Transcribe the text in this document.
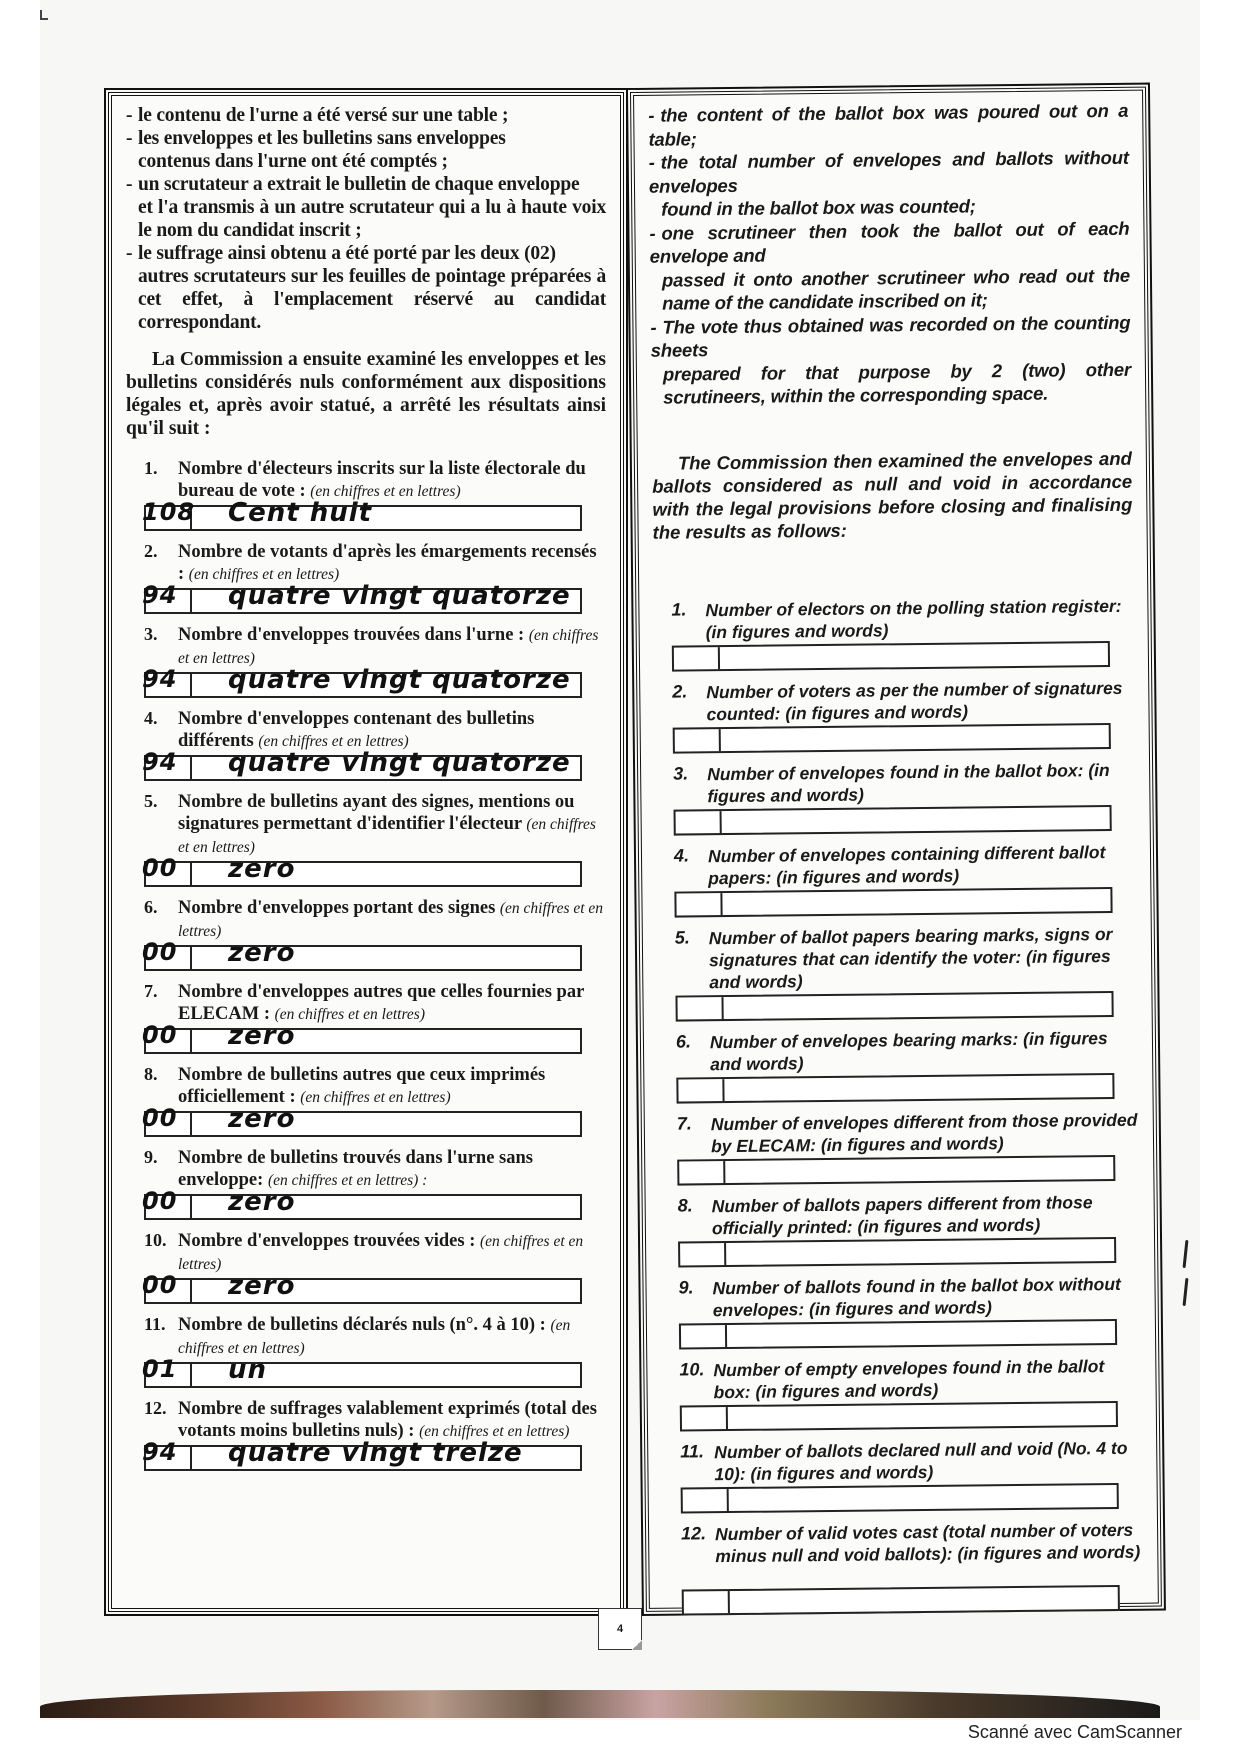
- le contenu de l'urne a été versé sur une table ;
- les enveloppes et les bulletins sans enveloppes
contenus dans l'urne ont été comptés ;
- un scrutateur a extrait le bulletin de chaque enveloppe
et l'a transmis à un autre scrutateur qui a lu à haute voix le nom du candidat inscrit ;
- le suffrage ainsi obtenu a été porté par les deux (02)
autres scrutateurs sur les feuilles de pointage préparées à cet effet, à l'emplacement réservé au candidat correspondant.

La Commission a ensuite examiné les enveloppes et les bulletins considérés nuls conformément aux dispositions légales et, après avoir statué, a arrêté les résultats ainsi qu'il suit :

1. Nombre d'électeurs inscrits sur la liste électorale du bureau de vote : (en chiffres et en lettres)
108 Cent huit
2. Nombre de votants d'après les émargements recensés : (en chiffres et en lettres)
94 quatre vingt quatorze
3. Nombre d'enveloppes trouvées dans l'urne : (en chiffres et en lettres)
94 quatre vingt quatorze
4. Nombre d'enveloppes contenant des bulletins différents (en chiffres et en lettres)
94 quatre vingt quatorze
5. Nombre de bulletins ayant des signes, mentions ou signatures permettant d'identifier l'électeur (en chiffres et en lettres)
00 zero
6. Nombre d'enveloppes portant des signes (en chiffres et en lettres)
00 zero
7. Nombre d'enveloppes autres que celles fournies par ELECAM : (en chiffres et en lettres)
00 zero
8. Nombre de bulletins autres que ceux imprimés officiellement : (en chiffres et en lettres)
00 zero
9. Nombre de bulletins trouvés dans l'urne sans enveloppe: (en chiffres et en lettres) :
00 zero
10. Nombre d'enveloppes trouvées vides : (en chiffres et en lettres)
00 zero
11. Nombre de bulletins déclarés nuls (n°. 4 à 10) : (en chiffres et en lettres)
01 un
12. Nombre de suffrages valablement exprimés (total des votants moins bulletins nuls) : (en chiffres et en lettres)
94 quatre vingt treize
- the content of the ballot box was poured out on a table;
- the total number of envelopes and ballots without envelopes
found in the ballot box was counted;
- one scrutineer then took the ballot out of each envelope and
passed it onto another scrutineer who read out the name of the candidate inscribed on it;
- The vote thus obtained was recorded on the counting sheets
prepared for that purpose by 2 (two) other scrutineers, within the corresponding space.

The Commission then examined the envelopes and ballots considered as null and void in accordance with the legal provisions before closing and finalising the results as follows:

1. Number of electors on the polling station register: (in figures and words)
2. Number of voters as per the number of signatures counted: (in figures and words)
3. Number of envelopes found in the ballot box: (in figures and words)
4. Number of envelopes containing different ballot papers: (in figures and words)
5. Number of ballot papers bearing marks, signs or signatures that can identify the voter: (in figures and words)
6. Number of envelopes bearing marks: (in figures and words)
7. Number of envelopes different from those provided by ELECAM: (in figures and words)
8. Number of ballots papers different from those officially printed: (in figures and words)
9. Number of ballots found in the ballot box without envelopes: (in figures and words)
10. Number of empty envelopes found in the ballot box: (in figures and words)
11. Number of ballots declared null and void (No. 4 to 10): (in figures and words)
12. Number of valid votes cast (total number of voters minus null and void ballots): (in figures and words)
4
Scanné avec CamScanner
